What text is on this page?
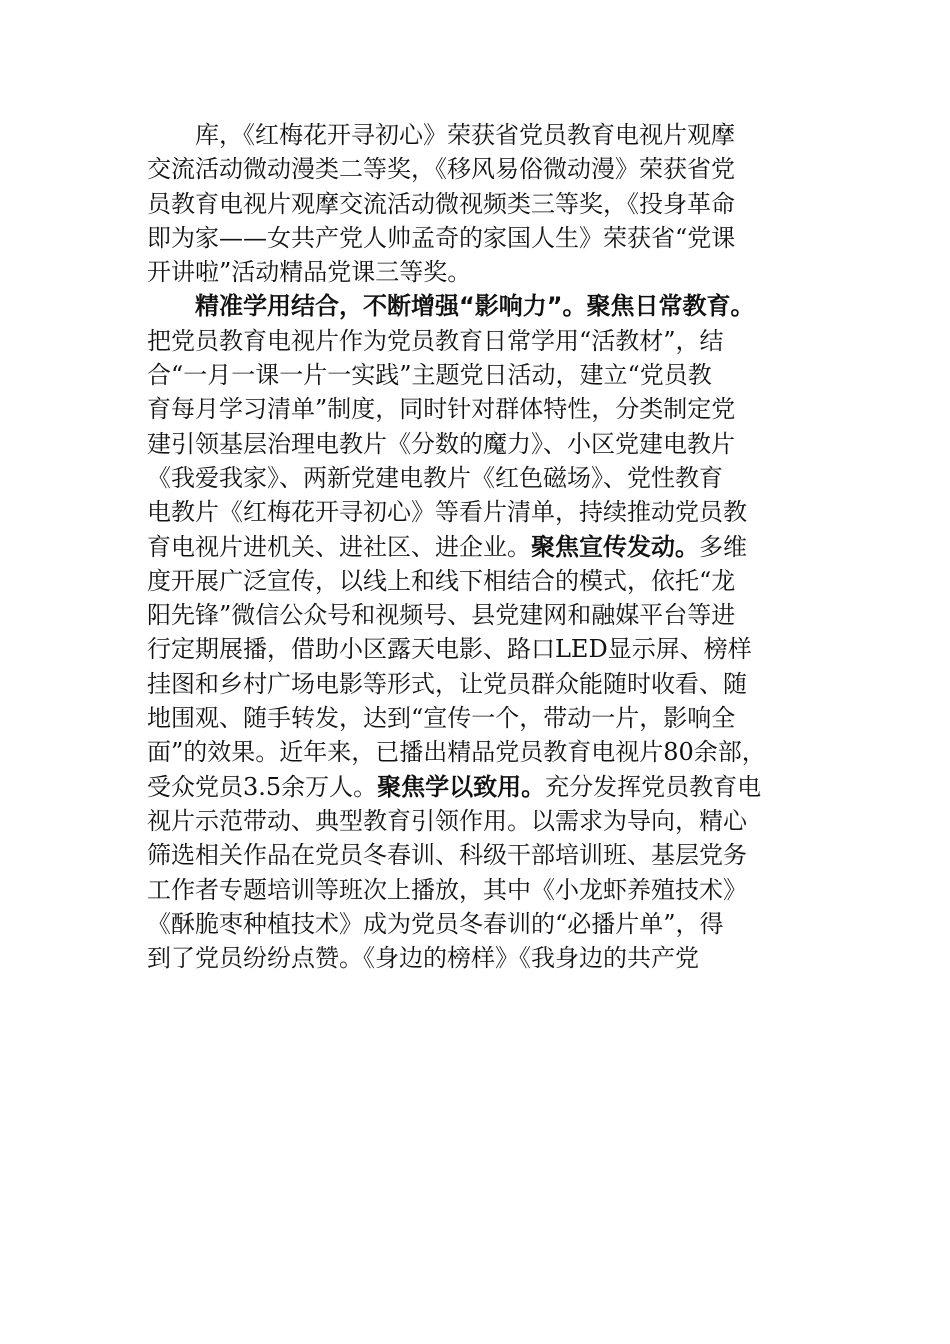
库，《红梅花开寻初心》荣获省党员教育电视片观摩
交流活动微动漫类二等奖，《移风易俗微动漫》荣获省党
员教育电视片观摩交流活动微视频类三等奖，《投身革命
即为家——女共产党人帅孟奇的家国人生》荣获省“党课
开讲啦”活动精品党课三等奖。
精准学用结合，不断增强“影响力”。聚焦日常教育。
把党员教育电视片作为党员教育日常学用“活教材”，结
合“一月一课一片一实践”主题党日活动，建立“党员教
育每月学习清单”制度，同时针对群体特性，分类制定党
建引领基层治理电教片《分数的魔力》、小区党建电教片
《我爱我家》、两新党建电教片《红色磁场》、党性教育
电教片《红梅花开寻初心》等看片清单，持续推动党员教
育电视片进机关、进社区、进企业。聚焦宣传发动。多维
度开展广泛宣传，以线上和线下相结合的模式，依托“龙
阳先锋”微信公众号和视频号、县党建网和融媒平台等进
行定期展播，借助小区露天电影、路口LED显示屏、榜样
挂图和乡村广场电影等形式，让党员群众能随时收看、随
地围观、随手转发，达到“宣传一个，带动一片，影响全
面”的效果。近年来，已播出精品党员教育电视片80余部，
受众党员3.5余万人。聚焦学以致用。充分发挥党员教育电
视片示范带动、典型教育引领作用。以需求为导向，精心
筛选相关作品在党员冬春训、科级干部培训班、基层党务
工作者专题培训等班次上播放，其中《小龙虾养殖技术》
《酥脆枣种植技术》成为党员冬春训的“必播片单”，得
到了党员纷纷点赞。《身边的榜样》《我身边的共产党
